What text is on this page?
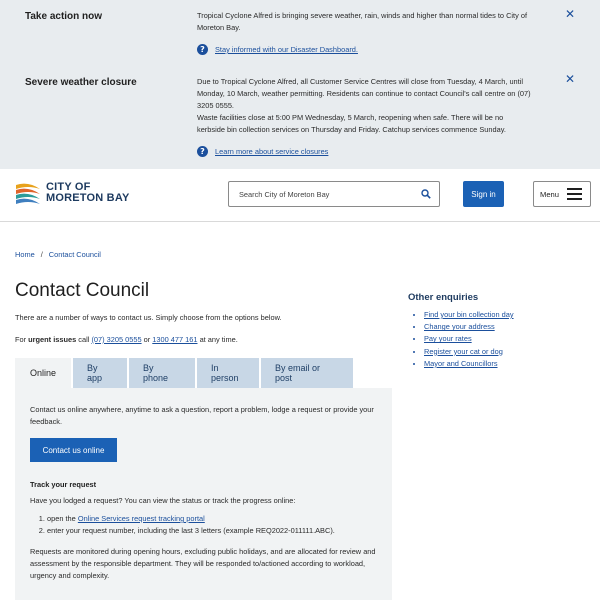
Take action now	Tropical Cyclone Alfred is bringing severe weather, rain, winds and higher than normal tides to City of Moreton Bay.
?	Stay informed with our Disaster Dashboard.
✕
Severe weather closure	Due to Tropical Cyclone Alfred, all Customer Service Centres will close from Tuesday, 4 March, until Monday, 10 March, weather permitting. Residents can continue to contact Council's call centre on (07) 3205 0555.
Waste facilities close at 5:00 PM Wednesday, 5 March, reopening when safe. There will be no kerbside bin collection services on Thursday and Friday. Catchup services commence Sunday.
?	Learn more about service closures
✕
CITY OF
MORETON BAY	Search City of Moreton Bay	Sign in	Menu
Home / Contact Council
Contact Council

There are a number of ways to contact us. Simply choose from the options below.

For urgent issues call (07) 3205 0555 or 1300 477 161 at any time.

Online	By app
By phone
In person
By email or post

Contact us online anywhere, anytime to ask a question, report a problem, lodge a request or provide your feedback.

Contact us online
Track your request

Have you lodged a request? You can view the status or track the progress online:

1. open the Online Services request tracking portal
2. enter your request number, including the last 3 letters (example REQ2022-011111.ABC).

Requests are monitored during opening hours, excluding public holidays, and are allocated for review and assessment by the responsible department. They will be responded to/actioned according to workload, urgency and complexity.

Other enquiries
• Find your bin collection day
• Change your address
• Pay your rates
• Register your cat or dog
• Mayor and Councillors
